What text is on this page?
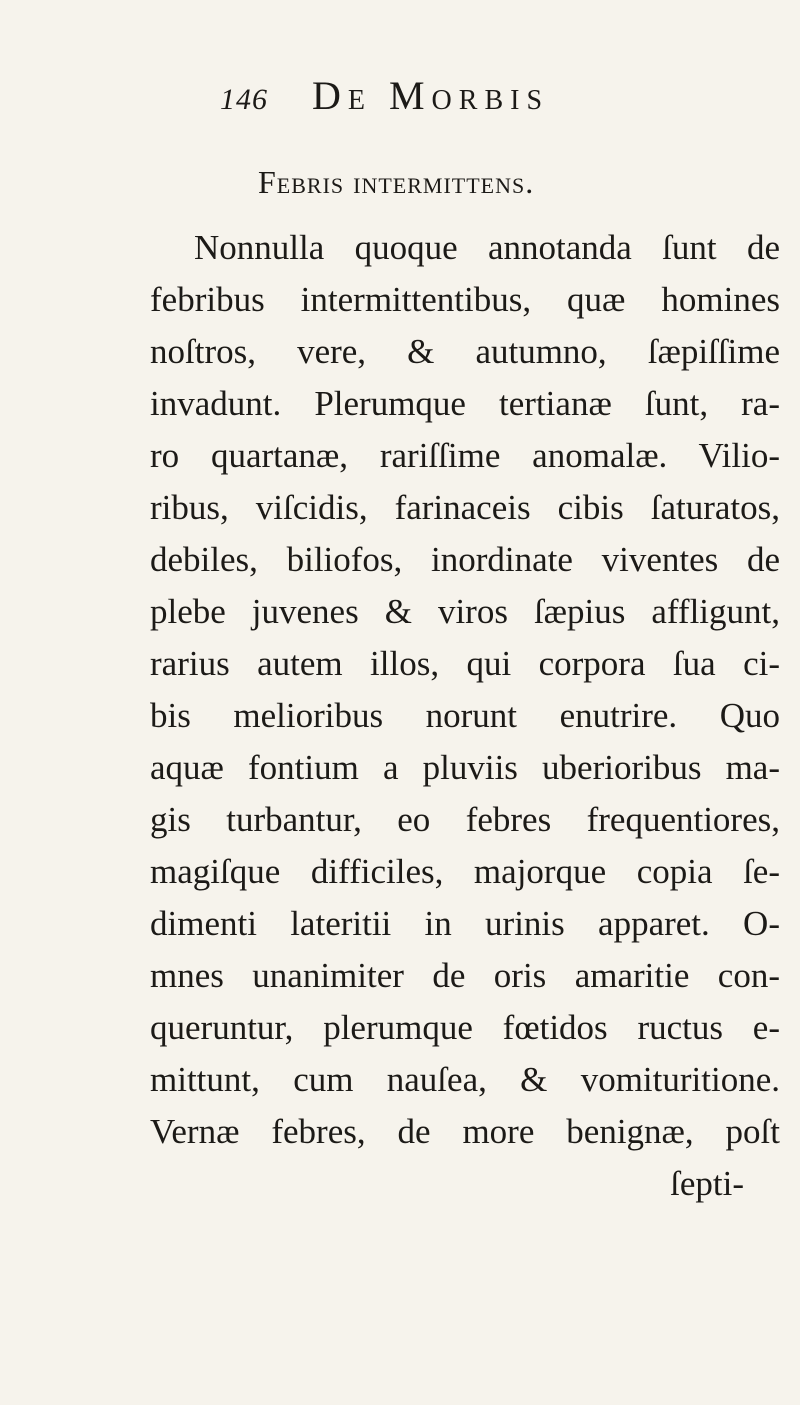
146 De Morbis
Febris intermittens.
Nonnulla quoque annotanda ſunt de
febribus intermittentibus, quæ homines
noſtros, vere, & autumno, ſæpiſſime
invadunt. Plerumque tertianæ ſunt, ra-
ro quartanæ, rariſſime anomalæ. Vilio-
ribus, viſcidis, farinaceis cibis ſaturatos,
debiles, biliofos, inordinate viventes de
plebe juvenes & viros ſæpius affligunt,
rarius autem illos, qui corpora ſua ci-
bis melioribus norunt enutrire. Quo
aquæ fontium a pluviis uberioribus ma-
gis turbantur, eo febres frequentiores,
magiſque difficiles, majorque copia ſe-
dimenti lateritii in urinis apparet. O-
mnes unanimiter de oris amaritie con-
queruntur, plerumque fœtidos ructus e-
mittunt, cum nauſea, & vomituritione.
Vernæ febres, de more benignæ, poſt
ſepti-
